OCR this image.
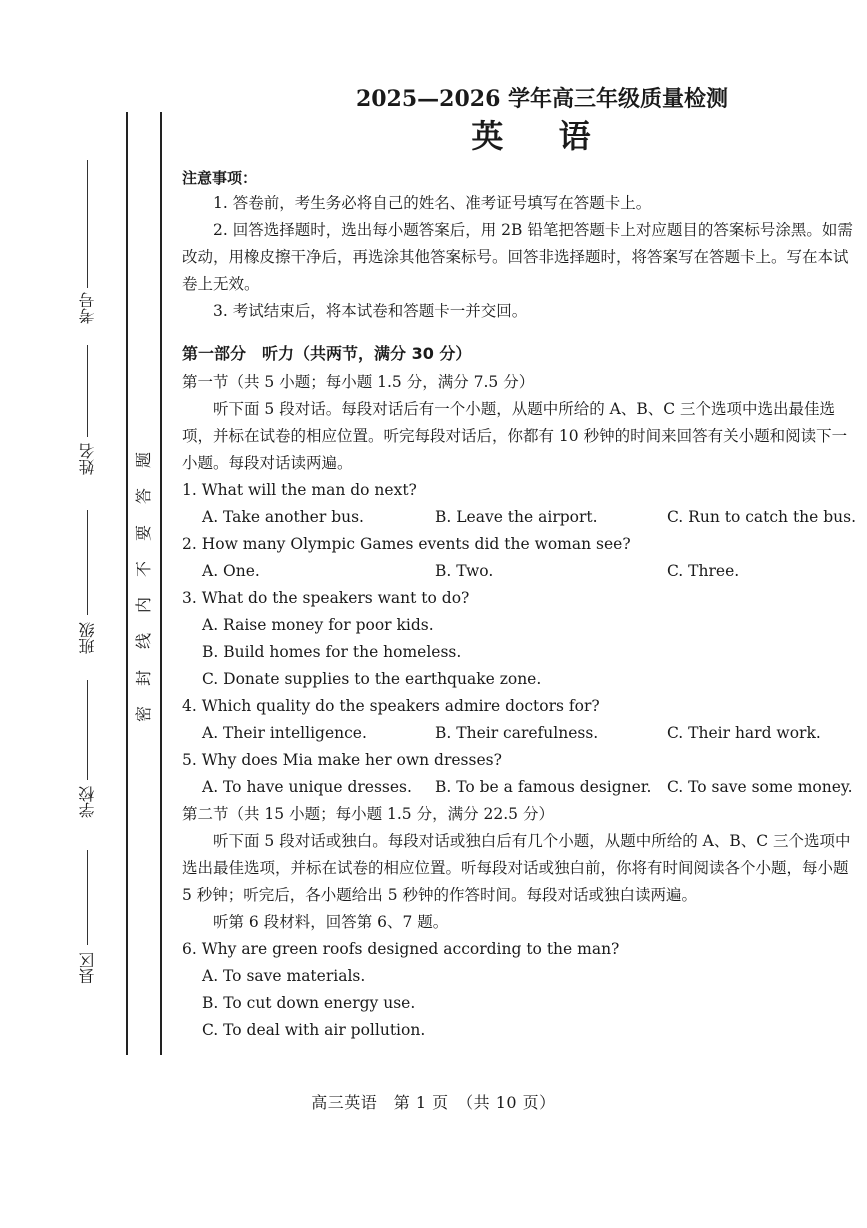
考号
姓名
班级
学校
县区
密
封
线
内
不
要
答
题
2025—2026 学年高三年级质量检测
英 语
注意事项：

1. 答卷前，考生务必将自己的姓名、准考证号填写在答题卡上。

2. 回答选择题时，选出每小题答案后，用 2B 铅笔把答题卡上对应题目的答案标号涂黑。如需改动，用橡皮擦干净后，再选涂其他答案标号。回答非选择题时，将答案写在答题卡上。写在本试卷上无效。

3. 考试结束后，将本试卷和答题卡一并交回。

第一部分　听力（共两节，满分 30 分）

第一节（共 5 小题；每小题 1.5 分，满分 7.5 分）

听下面 5 段对话。每段对话后有一个小题，从题中所给的 A、B、C 三个选项中选出最佳选项，并标在试卷的相应位置。听完每段对话后，你都有 10 秒钟的时间来回答有关小题和阅读下一小题。每段对话读两遍。

1. What will the man do next?

A. Take another bus.	B. Leave the airport.	C. Run to catch the bus.

2. How many Olympic Games events did the woman see?

A. One.	B. Two.	C. Three.

3. What do the speakers want to do?

A. Raise money for poor kids.
B. Build homes for the homeless.
C. Donate supplies to the earthquake zone.

4. Which quality do the speakers admire doctors for?

A. Their intelligence.	B. Their carefulness.	C. Their hard work.

5. Why does Mia make her own dresses?

A. To have unique dresses.	B. To be a famous designer.	C. To save some money.

第二节（共 15 小题；每小题 1.5 分，满分 22.5 分）

听下面 5 段对话或独白。每段对话或独白后有几个小题，从题中所给的 A、B、C 三个选项中选出最佳选项，并标在试卷的相应位置。听每段对话或独白前，你将有时间阅读各个小题，每小题 5 秒钟；听完后，各小题给出 5 秒钟的作答时间。每段对话或独白读两遍。

听第 6 段材料，回答第 6、7 题。

6. Why are green roofs designed according to the man?

A. To save materials.
B. To cut down energy use.
C. To deal with air pollution.
高三英语　第 1 页　（共 10 页）
